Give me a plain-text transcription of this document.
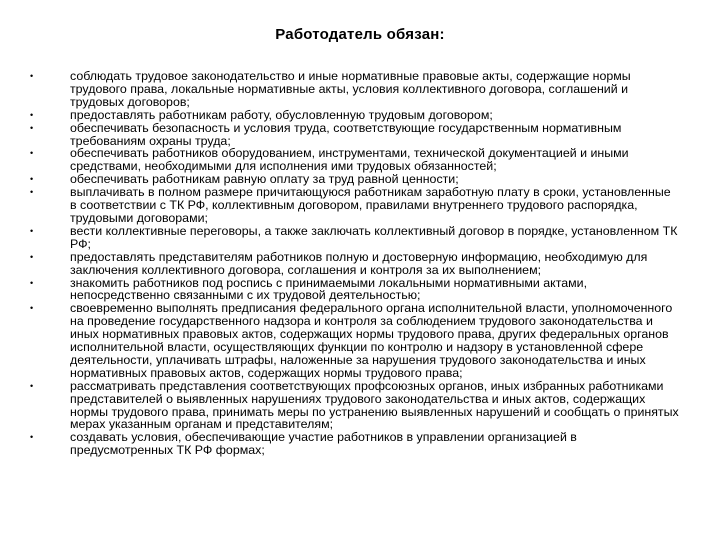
Работодатель обязан:
•	соблюдать трудовое законодательство и иные нормативные правовые акты, содержащие нормы трудового права, локальные нормативные акты, условия коллективного договора, соглашений и трудовых договоров;
•	предоставлять работникам работу, обусловленную трудовым договором;
•	обеспечивать безопасность и условия труда, соответствующие государственным нормативным требованиям охраны труда;
•	обеспечивать работников оборудованием, инструментами, технической документацией и иными средствами, необходимыми для исполнения ими трудовых обязанностей;
•	обеспечивать работникам равную оплату за труд равной ценности;
•	выплачивать в полном размере причитающуюся работникам заработную плату в сроки, установленные в соответствии с ТК РФ, коллективным договором, правилами внутреннего трудового распорядка, трудовыми договорами;
•	вести коллективные переговоры, а также заключать коллективный договор в порядке, установленном ТК РФ;
•	предоставлять представителям работников полную и достоверную информацию, необходимую для заключения коллективного договора, соглашения и контроля за их выполнением;
•	знакомить работников под роспись с принимаемыми локальными нормативными актами, непосредственно связанными с их трудовой деятельностью;
•	своевременно выполнять предписания федерального органа исполнительной власти, уполномоченного на проведение государственного надзора и контроля за соблюдением трудового законодательства и иных нормативных правовых актов, содержащих нормы трудового права, других федеральных органов исполнительной власти, осуществляющих функции по контролю и надзору в установленной сфере деятельности, уплачивать штрафы, наложенные за нарушения трудового законодательства и иных нормативных правовых актов, содержащих нормы трудового права;
•	рассматривать представления соответствующих профсоюзных органов, иных избранных работниками представителей о выявленных нарушениях трудового законодательства и иных актов, содержащих нормы трудового права, принимать меры по устранению выявленных нарушений и сообщать о принятых мерах указанным органам и представителям;
•	создавать условия, обеспечивающие участие работников в управлении организацией в предусмотренных ТК РФ формах;
